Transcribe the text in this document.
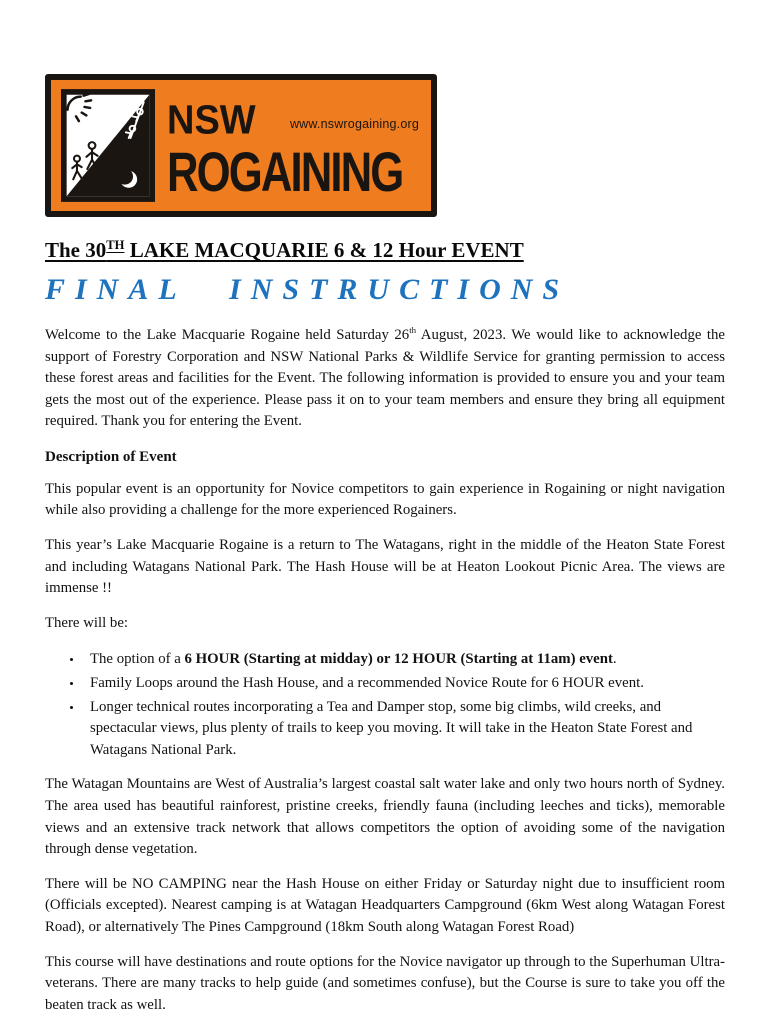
NSW	www.nswrogaining.org
ROGAINING
The 30TH LAKE MACQUARIE 6 & 12 Hour EVENT
FINAL INSTRUCTIONS

Welcome to the Lake Macquarie Rogaine held Saturday 26th August, 2023. We would like to acknowledge the support of Forestry Corporation and NSW National Parks & Wildlife Service for granting permission to access these forest areas and facilities for the Event. The following information is provided to ensure you and your team gets the most out of the experience. Please pass it on to your team members and ensure they bring all equipment required. Thank you for entering the Event.

Description of Event

This popular event is an opportunity for Novice competitors to gain experience in Rogaining or night navigation while also providing a challenge for the more experienced Rogainers.

This year’s Lake Macquarie Rogaine is a return to The Watagans, right in the middle of the Heaton State Forest and including Watagans National Park. The Hash House will be at Heaton Lookout Picnic Area. The views are immense !!

There will be:

• The option of a 6 HOUR (Starting at midday) or 12 HOUR (Starting at 11am) event.
• Family Loops around the Hash House, and a recommended Novice Route for 6 HOUR event.
• Longer technical routes incorporating a Tea and Damper stop, some big climbs, wild creeks, and spectacular views, plus plenty of trails to keep you moving. It will take in the Heaton State Forest and Watagans National Park.

The Watagan Mountains are West of Australia’s largest coastal salt water lake and only two hours north of Sydney. The area used has beautiful rainforest, pristine creeks, friendly fauna (including leeches and ticks), memorable views and an extensive track network that allows competitors the option of avoiding some of the navigation through dense vegetation.

There will be NO CAMPING near the Hash House on either Friday or Saturday night due to insufficient room (Officials excepted). Nearest camping is at Watagan Headquarters Campground (6km West along Watagan Forest Road), or alternatively The Pines Campground (18km South along Watagan Forest Road)

This course will have destinations and route options for the Novice navigator up through to the Superhuman Ultra-veterans. There are many tracks to help guide (and sometimes confuse), but the Course is sure to take you off the beaten track as well.
